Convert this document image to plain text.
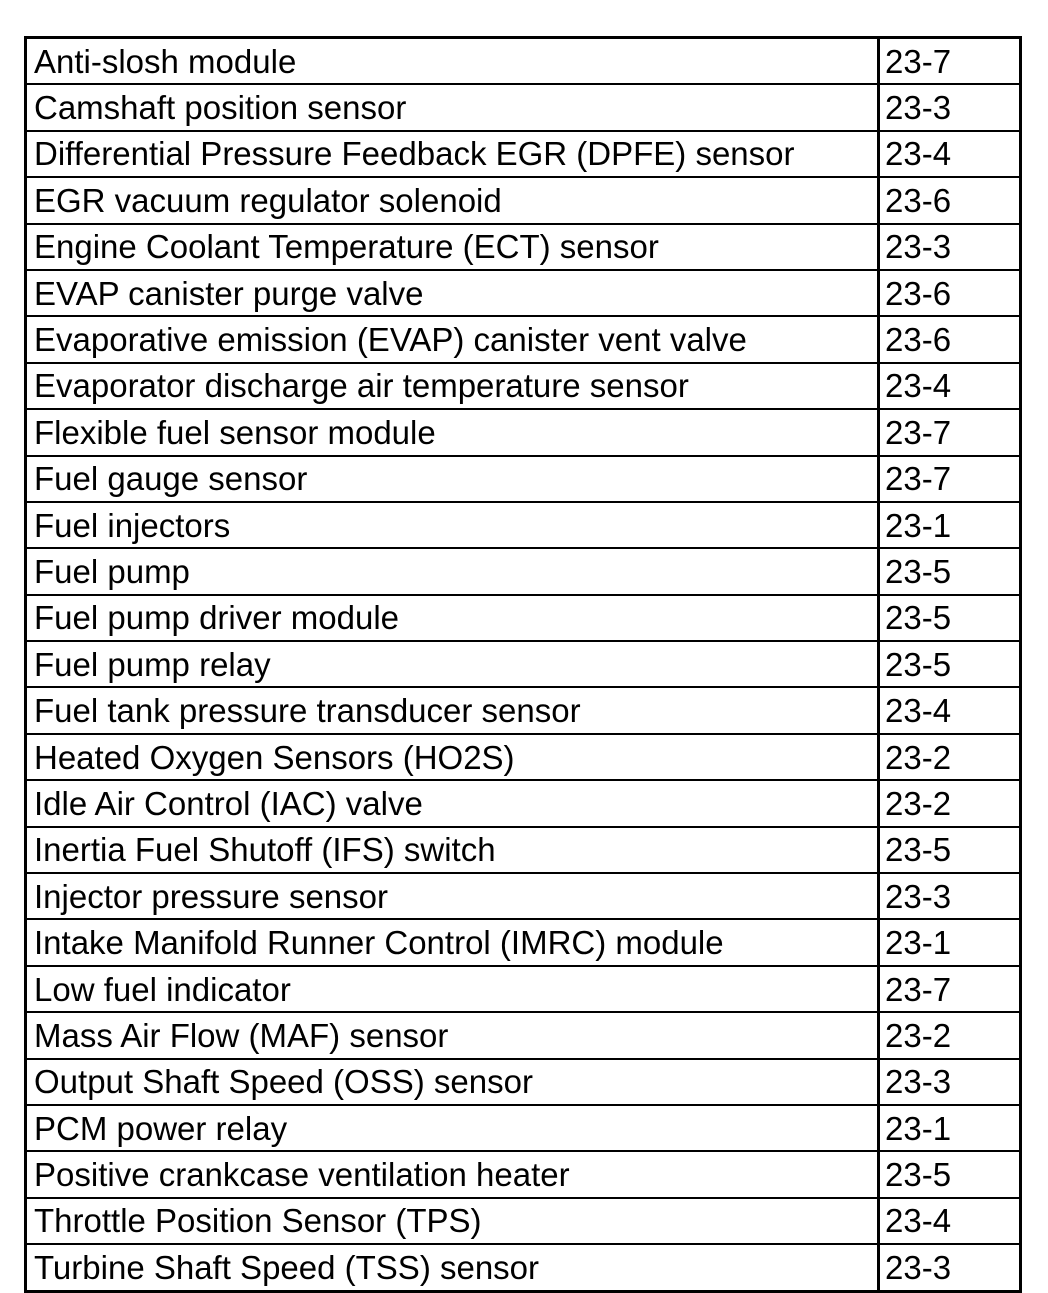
Anti-slosh module	23-7
Camshaft position sensor	23-3
Differential Pressure Feedback EGR (DPFE) sensor	23-4
EGR vacuum regulator solenoid	23-6
Engine Coolant Temperature (ECT) sensor	23-3
EVAP canister purge valve	23-6
Evaporative emission (EVAP) canister vent valve	23-6
Evaporator discharge air temperature sensor	23-4
Flexible fuel sensor module	23-7
Fuel gauge sensor	23-7
Fuel injectors	23-1
Fuel pump	23-5
Fuel pump driver module	23-5
Fuel pump relay	23-5
Fuel tank pressure transducer sensor	23-4
Heated Oxygen Sensors (HO2S)	23-2
Idle Air Control (IAC) valve	23-2
Inertia Fuel Shutoff (IFS) switch	23-5
Injector pressure sensor	23-3
Intake Manifold Runner Control (IMRC) module	23-1
Low fuel indicator	23-7
Mass Air Flow (MAF) sensor	23-2
Output Shaft Speed (OSS) sensor	23-3
PCM power relay	23-1
Positive crankcase ventilation heater	23-5
Throttle Position Sensor (TPS)	23-4
Turbine Shaft Speed (TSS) sensor	23-3
